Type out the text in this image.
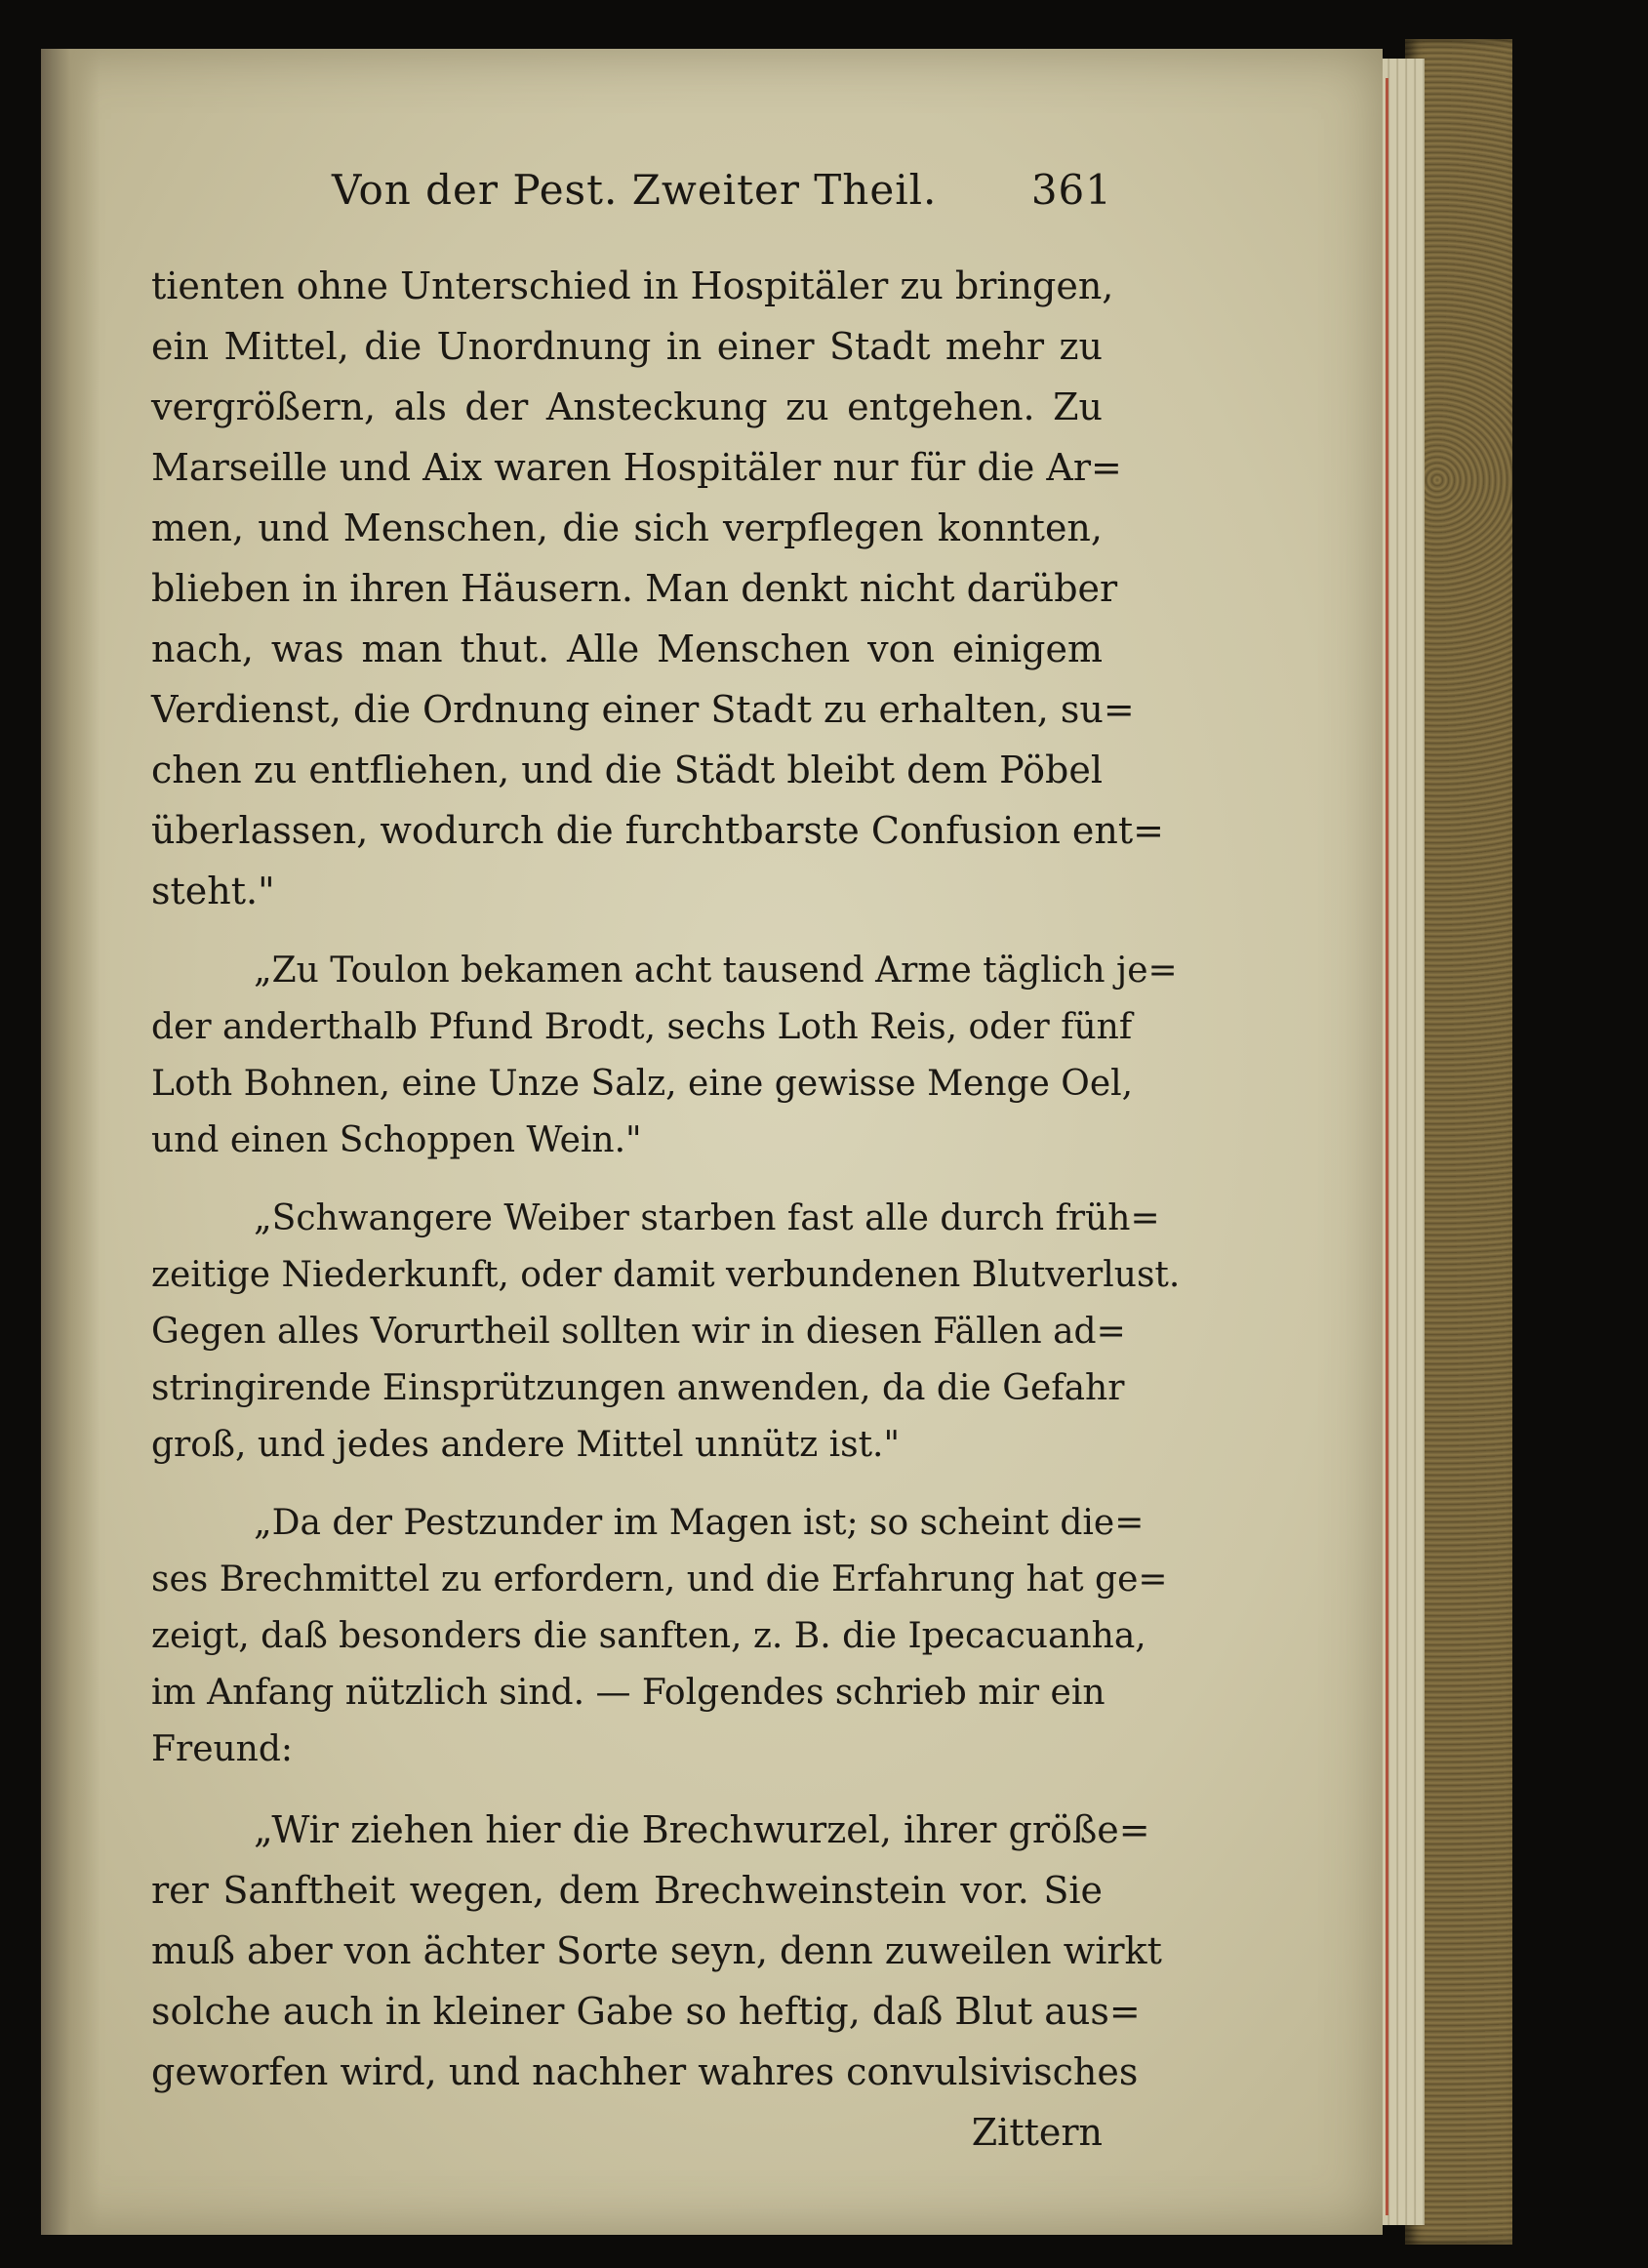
Von der Pest. Zweiter Theil. 361
tienten ohne Unterschied in Hospitäler zu bringen,
ein Mittel, die Unordnung in einer Stadt mehr zu
vergrößern, als der Ansteckung zu entgehen. Zu
Marseille und Aix waren Hospitäler nur für die Ar=
men, und Menschen, die sich verpflegen konnten,
blieben in ihren Häusern. Man denkt nicht darüber
nach, was man thut. Alle Menschen von einigem
Verdienst, die Ordnung einer Stadt zu erhalten, su=
chen zu entfliehen, und die Städt bleibt dem Pöbel
überlassen, wodurch die furchtbarste Confusion ent=
steht."
„Zu Toulon bekamen acht tausend Arme täglich je=
der anderthalb Pfund Brodt, sechs Loth Reis, oder fünf
Loth Bohnen, eine Unze Salz, eine gewisse Menge Oel,
und einen Schoppen Wein."
„Schwangere Weiber starben fast alle durch früh=
zeitige Niederkunft, oder damit verbundenen Blutverlust.
Gegen alles Vorurtheil sollten wir in diesen Fällen ad=
stringirende Einsprützungen anwenden, da die Gefahr
groß, und jedes andere Mittel unnütz ist."
„Da der Pestzunder im Magen ist; so scheint die=
ses Brechmittel zu erfordern, und die Erfahrung hat ge=
zeigt, daß besonders die sanften, z. B. die Ipecacuanha,
im Anfang nützlich sind. — Folgendes schrieb mir ein
Freund:
„Wir ziehen hier die Brechwurzel, ihrer größe=
rer Sanftheit wegen, dem Brechweinstein vor. Sie
muß aber von ächter Sorte seyn, denn zuweilen wirkt
solche auch in kleiner Gabe so heftig, daß Blut aus=
geworfen wird, und nachher wahres convulsivisches
Zittern
